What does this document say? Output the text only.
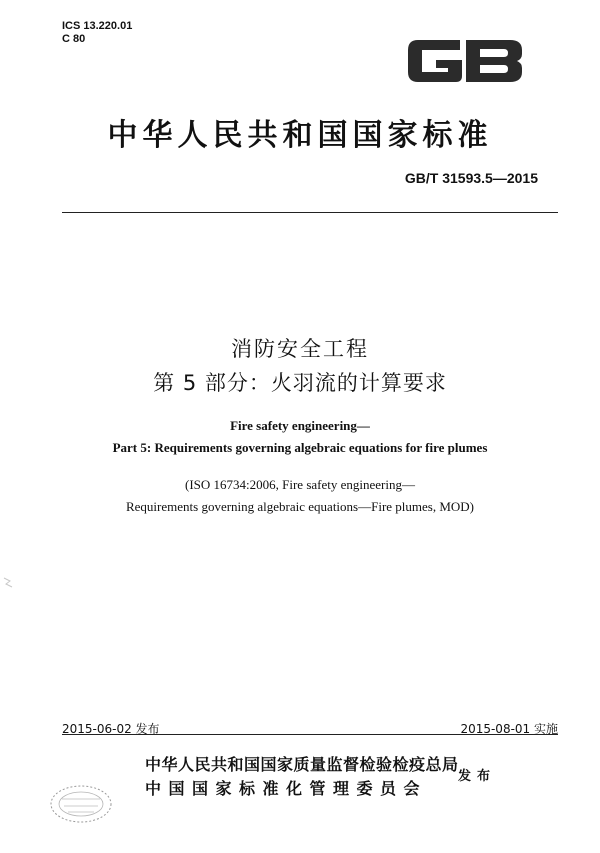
ICS 13.220.01
C 80
中华人民共和国国家标准
GB/T 31593.5—2015
消防安全工程
第 5 部分：火羽流的计算要求
Fire safety engineering—
Part 5: Requirements governing algebraic equations for fire plumes
(ISO 16734:2006, Fire safety engineering—
Requirements governing algebraic equations—Fire plumes, MOD)
2015-06-02 发布	2015-08-01 实施
中华人民共和国国家质量监督检验检疫总局
中国国家标准化管理委员会
发布
